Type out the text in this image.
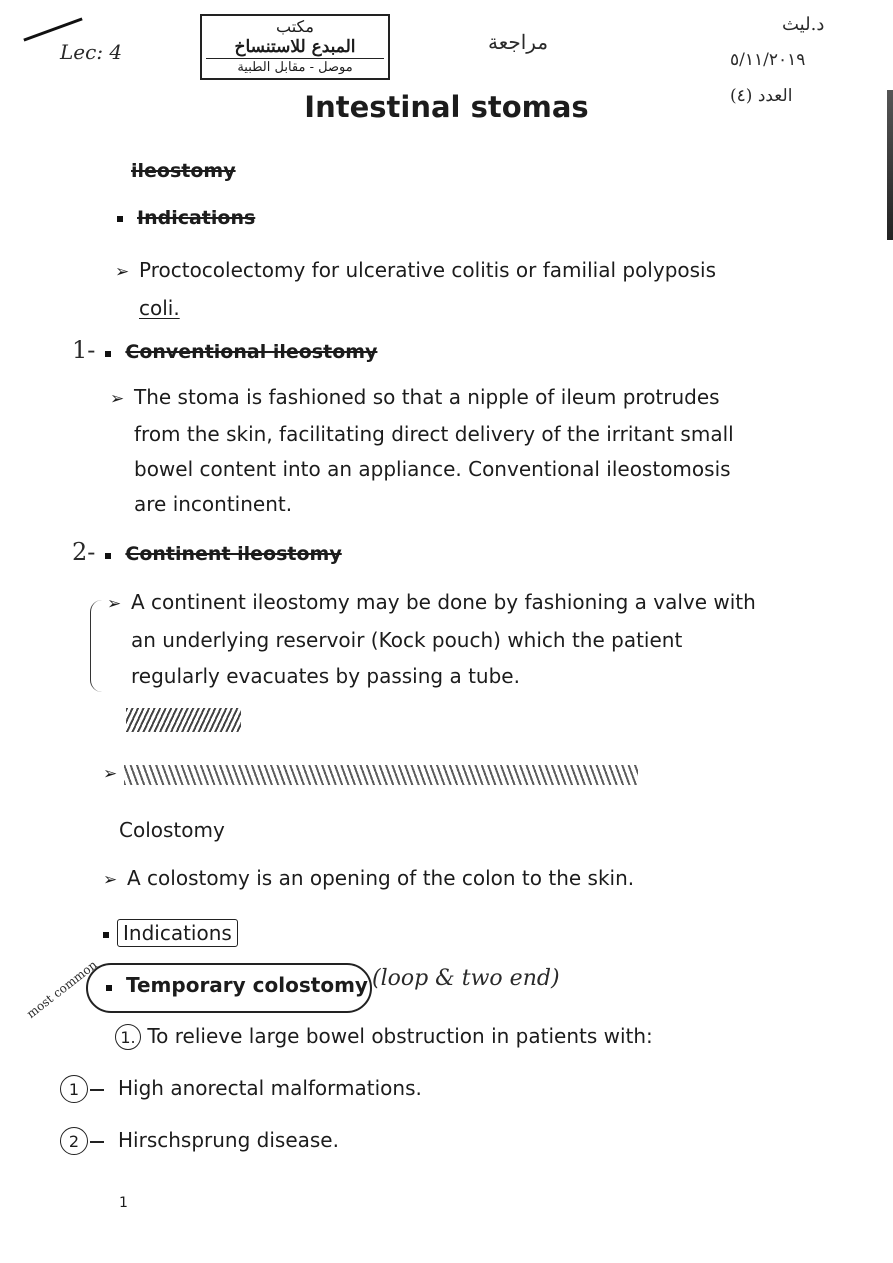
Lec: 4
مكتب
المبدع للاستنساخ
موصل - مقابل الطبية
مراجعة
د.ليث
٥/١١/٢٠١٩
العدد (٤)
Intestinal stomas
ileostomy
Indications
➢ Proctocolectomy for ulcerative colitis or familial polyposis
coli.
1- Conventional ileostomy
➢ The stoma is fashioned so that a nipple of ileum protrudes
from the skin, facilitating direct delivery of the irritant small
bowel content into an appliance. Conventional ileostomosis
are incontinent.
2- Continent ileostomy
➢ A continent ileostomy may be done by fashioning a valve with
an underlying reservoir (Kock pouch) which the patient
regularly evacuates by passing a tube.
➢
Colostomy
➢ A colostomy is an opening of the colon to the skin.
Indications
Temporary colostomy (loop & two end)
most common
1. To relieve large bowel obstruction in patients with:
1 High anorectal malformations.
2 Hirschsprung disease.
1
